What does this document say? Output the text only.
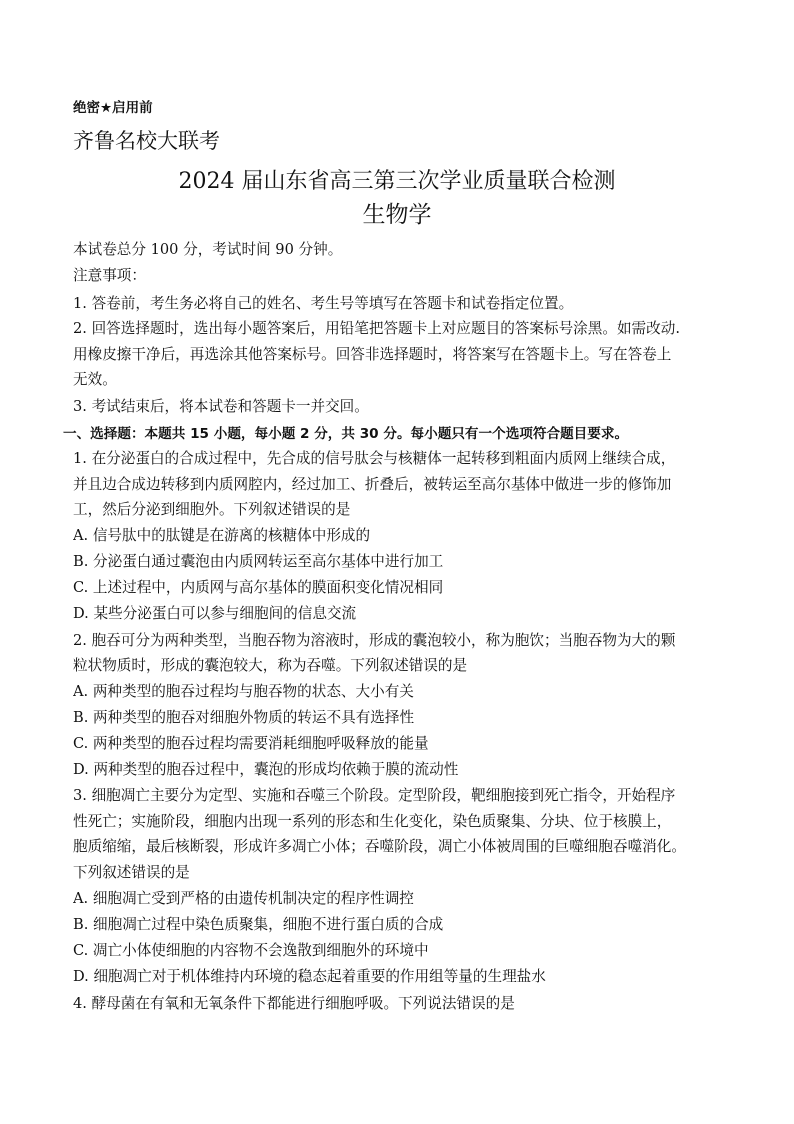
绝密★启用前
齐鲁名校大联考
2024 届山东省高三第三次学业质量联合检测
生物学
本试卷总分 100 分，考试时间 90 分钟。
注意事项：
1. 答卷前，考生务必将自己的姓名、考生号等填写在答题卡和试卷指定位置。
2. 回答选择题时，选出每小题答案后，用铅笔把答题卡上对应题目的答案标号涂黑。如需改动.
用橡皮擦干净后，再选涂其他答案标号。回答非选择题时，将答案写在答题卡上。写在答卷上
无效。
3. 考试结束后，将本试卷和答题卡一并交回。
一、选择题：本题共 15 小题，每小题 2 分，共 30 分。每小题只有一个选项符合题目要求。
1. 在分泌蛋白的合成过程中，先合成的信号肽会与核糖体一起转移到粗面内质网上继续合成，
并且边合成边转移到内质网腔内，经过加工、折叠后，被转运至高尔基体中做进一步的修饰加
工，然后分泌到细胞外。下列叙述错误的是
A. 信号肽中的肽键是在游离的核糖体中形成的
B. 分泌蛋白通过囊泡由内质网转运至高尔基体中进行加工
C. 上述过程中，内质网与高尔基体的膜面积变化情况相同
D. 某些分泌蛋白可以参与细胞间的信息交流
2. 胞吞可分为两种类型，当胞吞物为溶液时，形成的囊泡较小，称为胞饮；当胞吞物为大的颗
粒状物质时，形成的囊泡较大，称为吞噬。下列叙述错误的是
A. 两种类型的胞吞过程均与胞吞物的状态、大小有关
B. 两种类型的胞吞对细胞外物质的转运不具有选择性
C. 两种类型的胞吞过程均需要消耗细胞呼吸释放的能量
D. 两种类型的胞吞过程中，囊泡的形成均依赖于膜的流动性
3. 细胞凋亡主要分为定型、实施和吞噬三个阶段。定型阶段，靶细胞接到死亡指令，开始程序
性死亡；实施阶段，细胞内出现一系列的形态和生化变化，染色质聚集、分块、位于核膜上，
胞质缩缩，最后核断裂，形成许多凋亡小体；吞噬阶段，凋亡小体被周围的巨噬细胞吞噬消化。
下列叙述错误的是
A. 细胞凋亡受到严格的由遗传机制决定的程序性调控
B. 细胞凋亡过程中染色质聚集，细胞不进行蛋白质的合成
C. 凋亡小体使细胞的内容物不会逸散到细胞外的环境中
D. 细胞凋亡对于机体维持内环境的稳态起着重要的作用组等量的生理盐水
4. 酵母菌在有氧和无氧条件下都能进行细胞呼吸。下列说法错误的是
